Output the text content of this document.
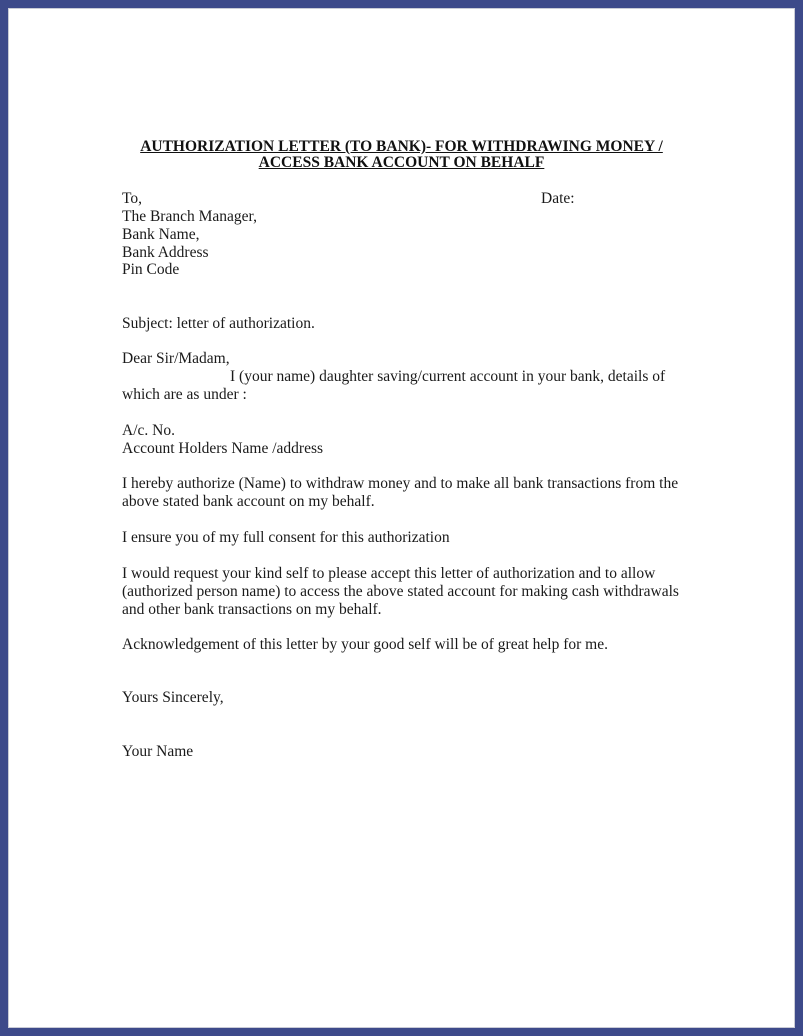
AUTHORIZATION LETTER (TO BANK)- FOR WITHDRAWING MONEY /
ACCESS BANK ACCOUNT ON BEHALF
To,	Date:
The Branch Manager,
Bank Name,
Bank Address
Pin Code
Subject: letter of authorization.
Dear Sir/Madam,
I (your name) daughter saving/current account in your bank, details of
which are as under :
A/c. No.
Account Holders Name /address
I hereby authorize (Name) to withdraw money and to make all bank transactions from the
above stated bank account on my behalf.
I ensure you of my full consent for this authorization
I would request your kind self to please accept this letter of authorization and to allow
(authorized person name) to access the above stated account for making cash withdrawals
and other bank transactions on my behalf.
Acknowledgement of this letter by your good self will be of great help for me.
Yours Sincerely,
Your Name
